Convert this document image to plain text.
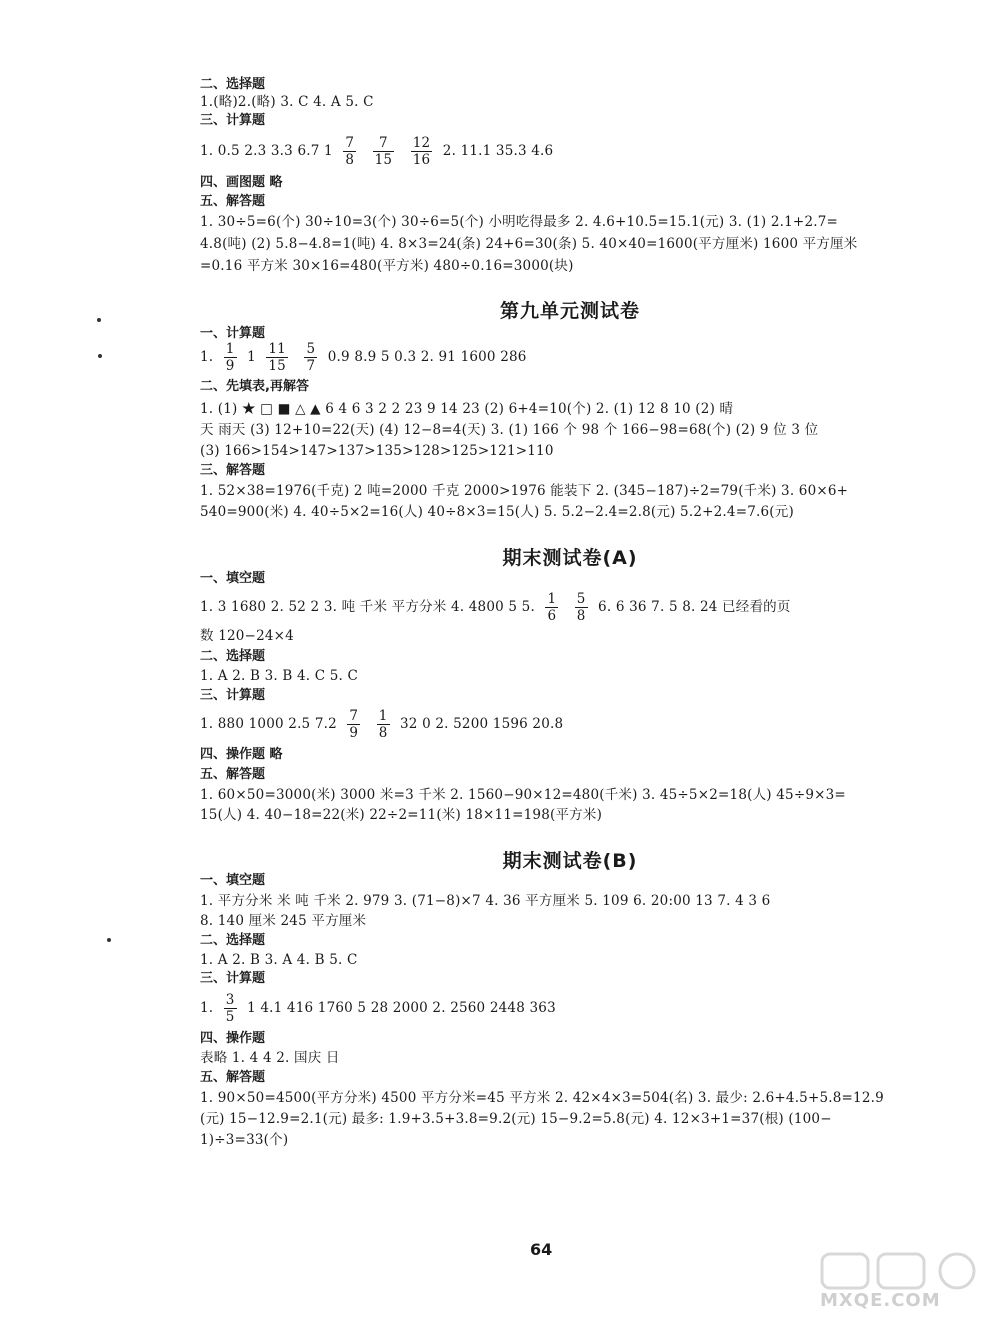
二、选择题
1.(略)2.(略) 3. C 4. A 5. C
三、计算题
1. 0.5 2.3 3.3 6.7 $1 \frac{7}{8}$
$\frac{7}{15}$
$\frac{12}{16} 2$. 11.1 35.3 4.6
四、画图题 略
五、解答题
1. 30÷5=6(个) 30÷10=3(个) 30÷6=5(个) 小明吃得最多 2. 4.6+10.5=15.1(元) 3. (1) 2.1+2.7=
4.8(吨) (2) 5.8−4.8=1(吨) 4. 8×3=24(条) 24+6=30(条) 5. 40×40=1600(平方厘米) 1600 平方厘米
=0.16 平方米 30×16=480(平方米) 480÷0.16=3000(块)
第九单元测试卷
一、计算题
1. $\frac{1}{9} 1 \frac{11}{15}$
$\frac{5}{7} 0.9$ 8.9 5 0.3 2. 91 1600 286
二、先填表,再解答
1. (1) ★ □ ■ △ ▲ 6 4 6 3 2 2 23 9 14 23 (2) 6+4=10(个) 2. (1) 12 8 10 (2) 晴
天 雨天 (3) 12+10=22(天) (4) 12−8=4(天) 3. (1) 166 个 98 个 166−98=68(个) (2) 9 位 3 位
(3) 166>154>147>137>135>128>125>121>110
三、解答题
1. 52×38=1976(千克) 2 吨=2000 千克 2000>1976 能装下 2. (345−187)÷2=79(千米) 3. 60×6+
540=900(米) 4. 40÷5×2=16(人) 40÷8×3=15(人) 5. 5.2−2.4=2.8(元) 5.2+2.4=7.6(元)
期末测试卷(A)
一、填空题
1. 3 1680 2. 52 2 3. 吨 千米 平方分米 4. 4800 5 5. $\frac{1}{6}$
$\frac{5}{8} 6$. 6 36 7. 5 8. 24 已经看的页
数 120−24×4
二、选择题
1. A 2. B 3. B 4. C 5. C
三、计算题
1. 880 1000 2.5 $7.2 \frac{7}{9}$
$\frac{1}{8} 32$ 0 2. 5200 1596 20.8
四、操作题 略
五、解答题
1. 60×50=3000(米) 3000 米=3 千米 2. 1560−90×12=480(千米) 3. 45÷5×2=18(人) 45÷9×3=
15(人) 4. 40−18=22(米) 22÷2=11(米) 18×11=198(平方米)
期末测试卷(B)
一、填空题
1. 平方分米 米 吨 千米 2. 979 3. (71−8)×7 4. 36 平方厘米 5. 109 6. 20:00 13 7. 4 3 6
8. 140 厘米 245 平方厘米
二、选择题
1. A 2. B 3. A 4. B 5. C
三、计算题
1. $\frac{3}{5} 1$ 4.1 416 1760 5 28 2000 2. 2560 2448 363
四、操作题
表略 1. 4 4 2. 国庆 日
五、解答题
1. 90×50=4500(平方分米) 4500 平方分米=45 平方米 2. 42×4×3=504(名) 3. 最少: 2.6+4.5+5.8=12.9
(元) 15−12.9=2.1(元) 最多: 1.9+3.5+3.8=9.2(元) 15−9.2=5.8(元) 4. 12×3+1=37(根) (100−
1)÷3=33(个)
64
MXQE.COM
